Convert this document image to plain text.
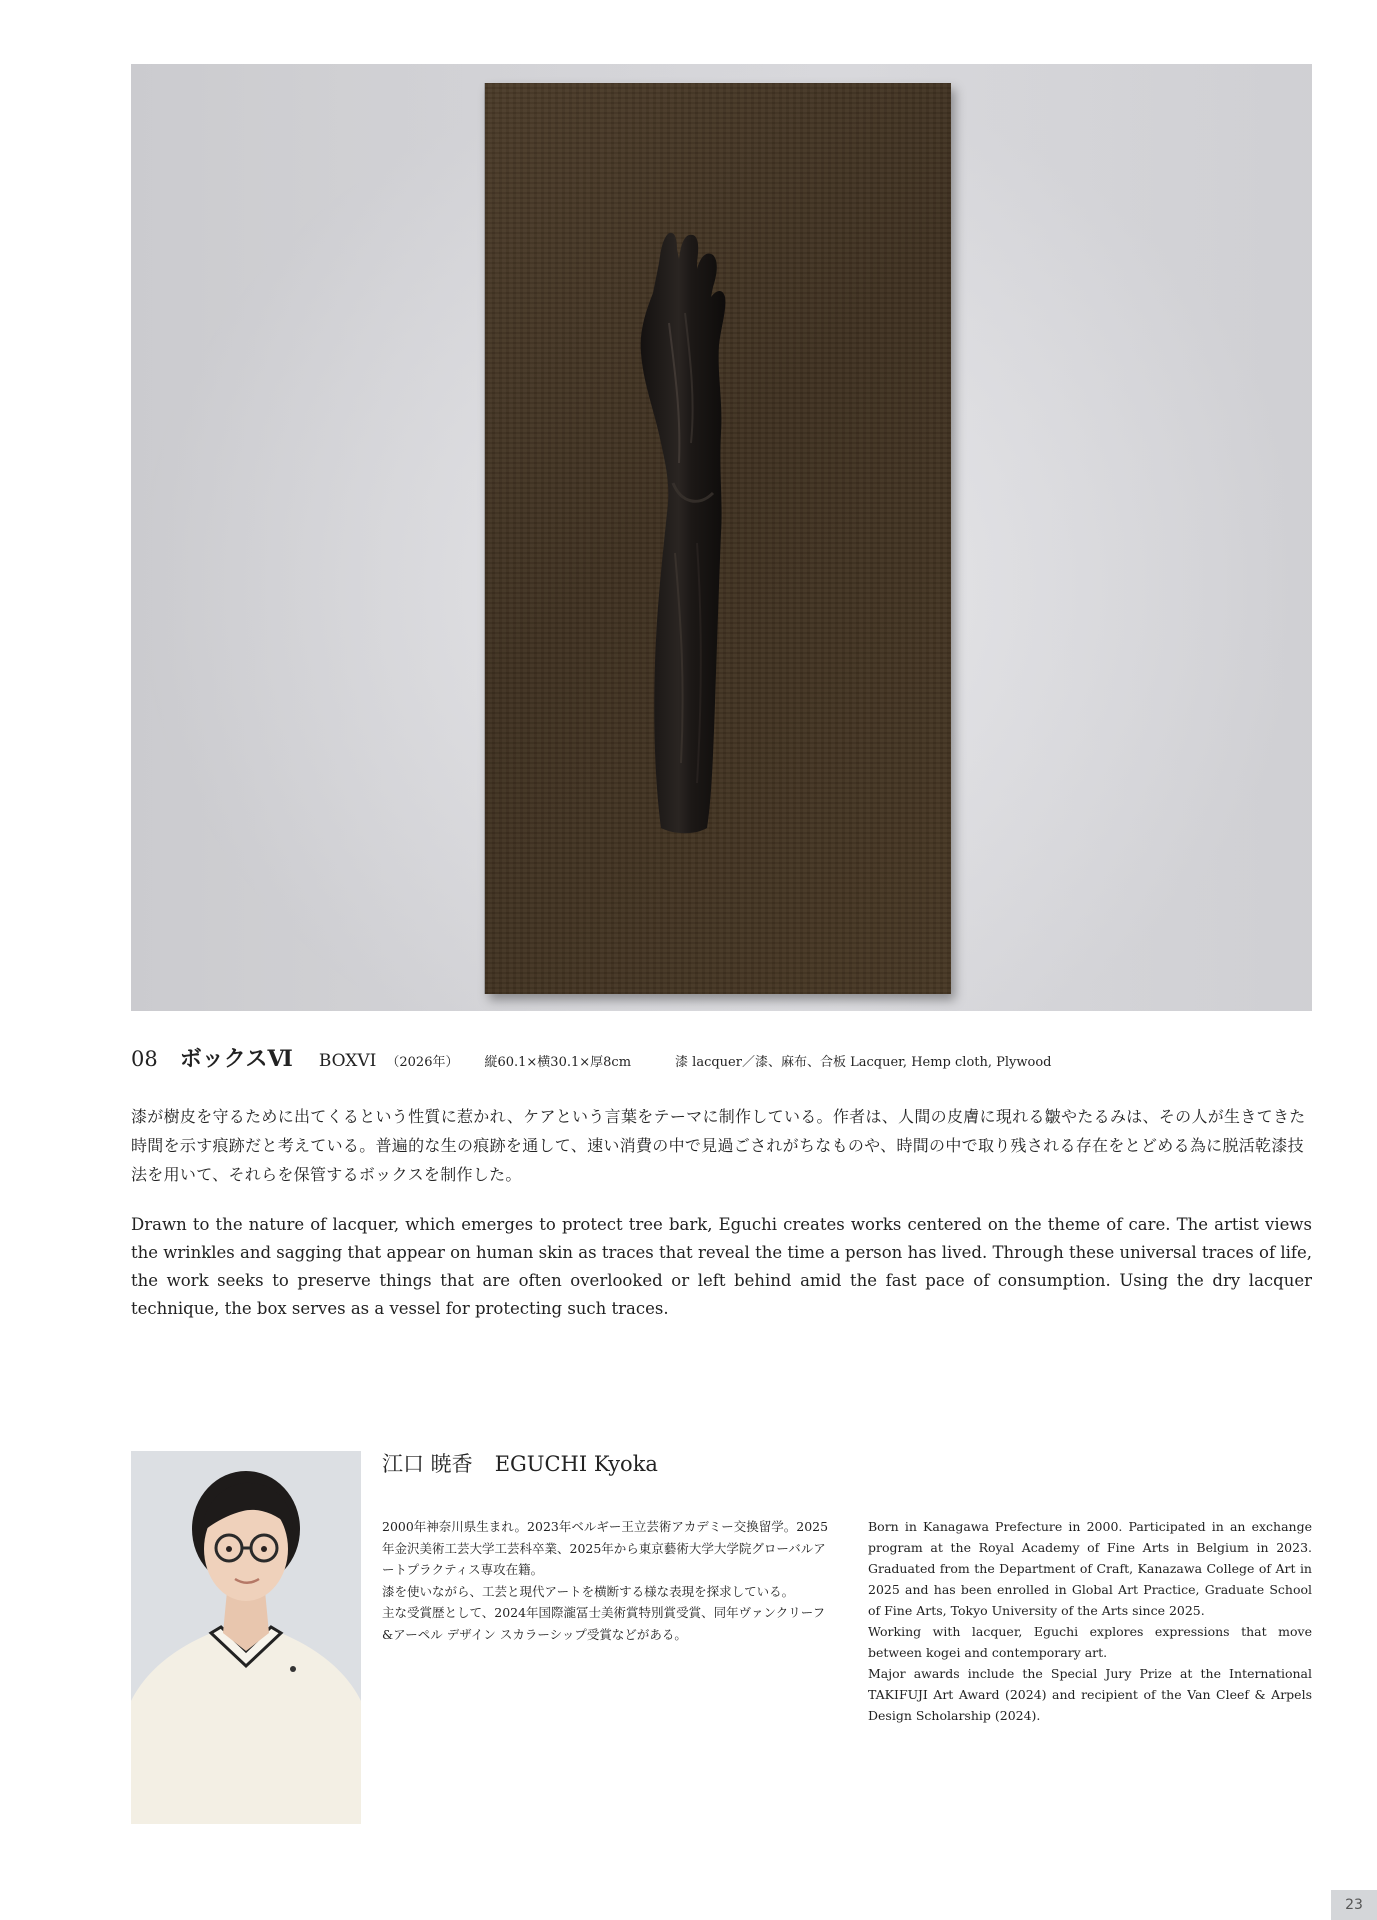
08 ボックスⅥ BOXVI （2026年） 縦60.1×横30.1×厚8cm	漆 lacquer／漆、麻布、合板 Lacquer, Hemp cloth, Plywood
漆が樹皮を守るために出てくるという性質に惹かれ、ケアという言葉をテーマに制作している。作者は、人間の皮膚に現れる皺やたるみは、その人が生きてきた時間を示す痕跡だと考えている。普遍的な生の痕跡を通して、速い消費の中で見過ごされがちなものや、時間の中で取り残される存在をとどめる為に脱活乾漆技法を用いて、それらを保管するボックスを制作した。
Drawn to the nature of lacquer, which emerges to protect tree bark, Eguchi creates works centered on the theme of care. The artist views the wrinkles and sagging that appear on human skin as traces that reveal the time a person has lived. Through these universal traces of life, the work seeks to preserve things that are often overlooked or left behind amid the fast pace of consumption. Using the dry lacquer technique, the box serves as a vessel for protecting such traces.
江口 暁香 EGUCHI Kyoka

2000年神奈川県生まれ。2023年ベルギー王立芸術アカデミー交換留学。2025年金沢美術工芸大学工芸科卒業、2025年から東京藝術大学大学院グローバルアートプラクティス専攻在籍。

漆を使いながら、工芸と現代アートを横断する様な表現を探求している。

主な受賞歴として、2024年国際瀧冨士美術賞特別賞受賞、同年ヴァンクリーフ&アーペル デザイン スカラーシップ受賞などがある。

Born in Kanagawa Prefecture in 2000. Participated in an exchange program at the Royal Academy of Fine Arts in Belgium in 2023. Graduated from the Department of Craft, Kanazawa College of Art in 2025 and has been enrolled in Global Art Practice, Graduate School of Fine Arts, Tokyo University of the Arts since 2025.

Working with lacquer, Eguchi explores expressions that move between kogei and contemporary art.

Major awards include the Special Jury Prize at the International TAKIFUJI Art Award (2024) and recipient of the Van Cleef & Arpels Design Scholarship (2024).

23
